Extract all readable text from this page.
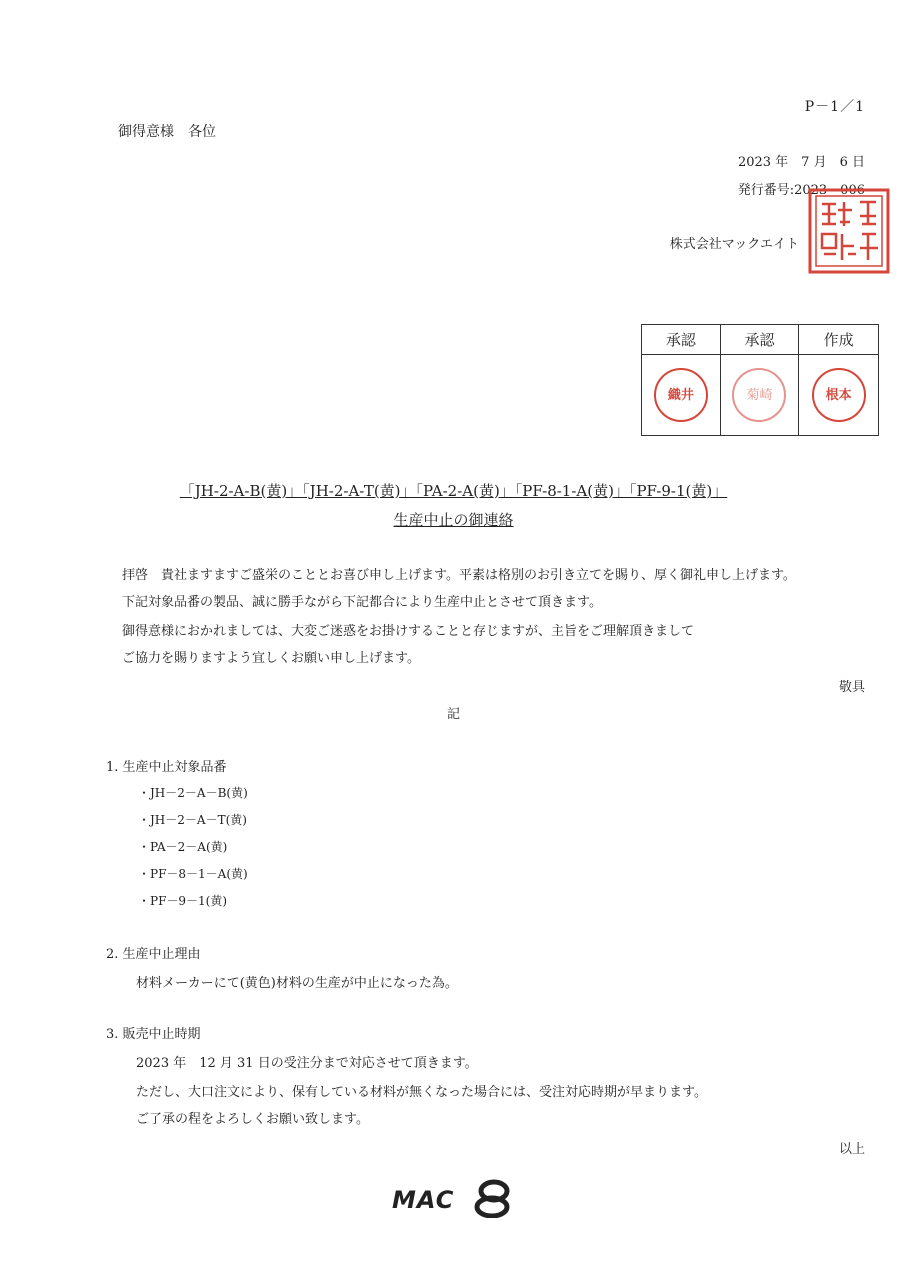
P－1／1
御得意様　各位
2023 年　7 月　6 日
発行番号:2023－006
株式会社マックエイト
承認	承認	作成
織井	菊崎	根本
「JH-2-A-B(黄)」「JH-2-A-T(黄)」「PA-2-A(黄)」「PF-8-1-A(黄)」「PF-9-1(黄)」
生産中止の御連絡
拝啓　貴社ますますご盛栄のこととお喜び申し上げます。平素は格別のお引き立てを賜り、厚く御礼申し上げます。
下記対象品番の製品、誠に勝手ながら下記都合により生産中止とさせて頂きます。
御得意様におかれましては、大変ご迷惑をお掛けすることと存じますが、主旨をご理解頂きまして
ご協力を賜りますよう宜しくお願い申し上げます。
敬具
記
1. 生産中止対象品番
・JH－2－A－B(黄)
・JH－2－A－T(黄)
・PA－2－A(黄)
・PF－8－1－A(黄)
・PF－9－1(黄)
2. 生産中止理由
材料メーカーにて(黄色)材料の生産が中止になった為。
3. 販売中止時期
2023 年　12 月 31 日の受注分まで対応させて頂きます。
ただし、大口注文により、保有している材料が無くなった場合には、受注対応時期が早まります。
ご了承の程をよろしくお願い致します。
以上
MAC
